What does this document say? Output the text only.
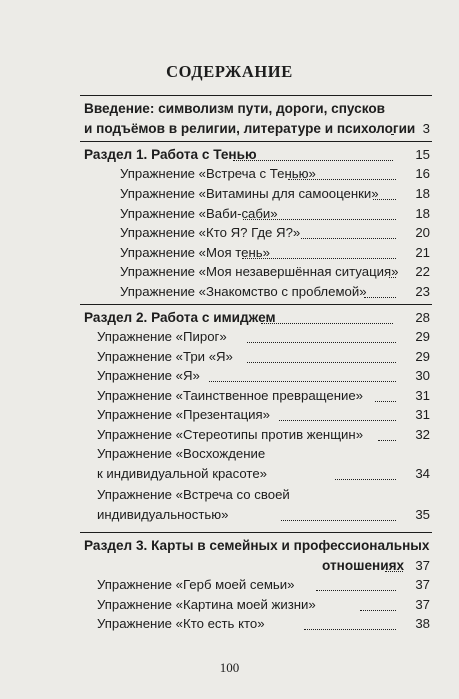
СОДЕРЖАНИЕ
Введение: символизм пути, дороги, спусков
и подъёмов в религии, литературе и психологии 3
Раздел 1. Работа с Тенью	15
Упражнение «Встреча с Тенью»	16
Упражнение «Витамины для самооценки»	18
Упражнение «Ваби-саби»	18
Упражнение «Кто Я? Где Я?»	20
Упражнение «Моя тень»	21
Упражнение «Моя незавершённая ситуация»	22
Упражнение «Знакомство с проблемой»	23
Раздел 2. Работа с имиджем	28
Упражнение «Пирог»	29
Упражнение «Три «Я»	29
Упражнение «Я»	30
Упражнение «Таинственное превращение»	31
Упражнение «Презентация»	31
Упражнение «Стереотипы против женщин»	32
Упражнение «Восхождение
к индивидуальной красоте»	34
Упражнение «Встреча со своей
индивидуальностью»	35
Раздел 3. Карты в семейных и профессиональных
отношениях 37
Упражнение «Герб моей семьи»	37
Упражнение «Картина моей жизни»	37
Упражнение «Кто есть кто»	38
100
